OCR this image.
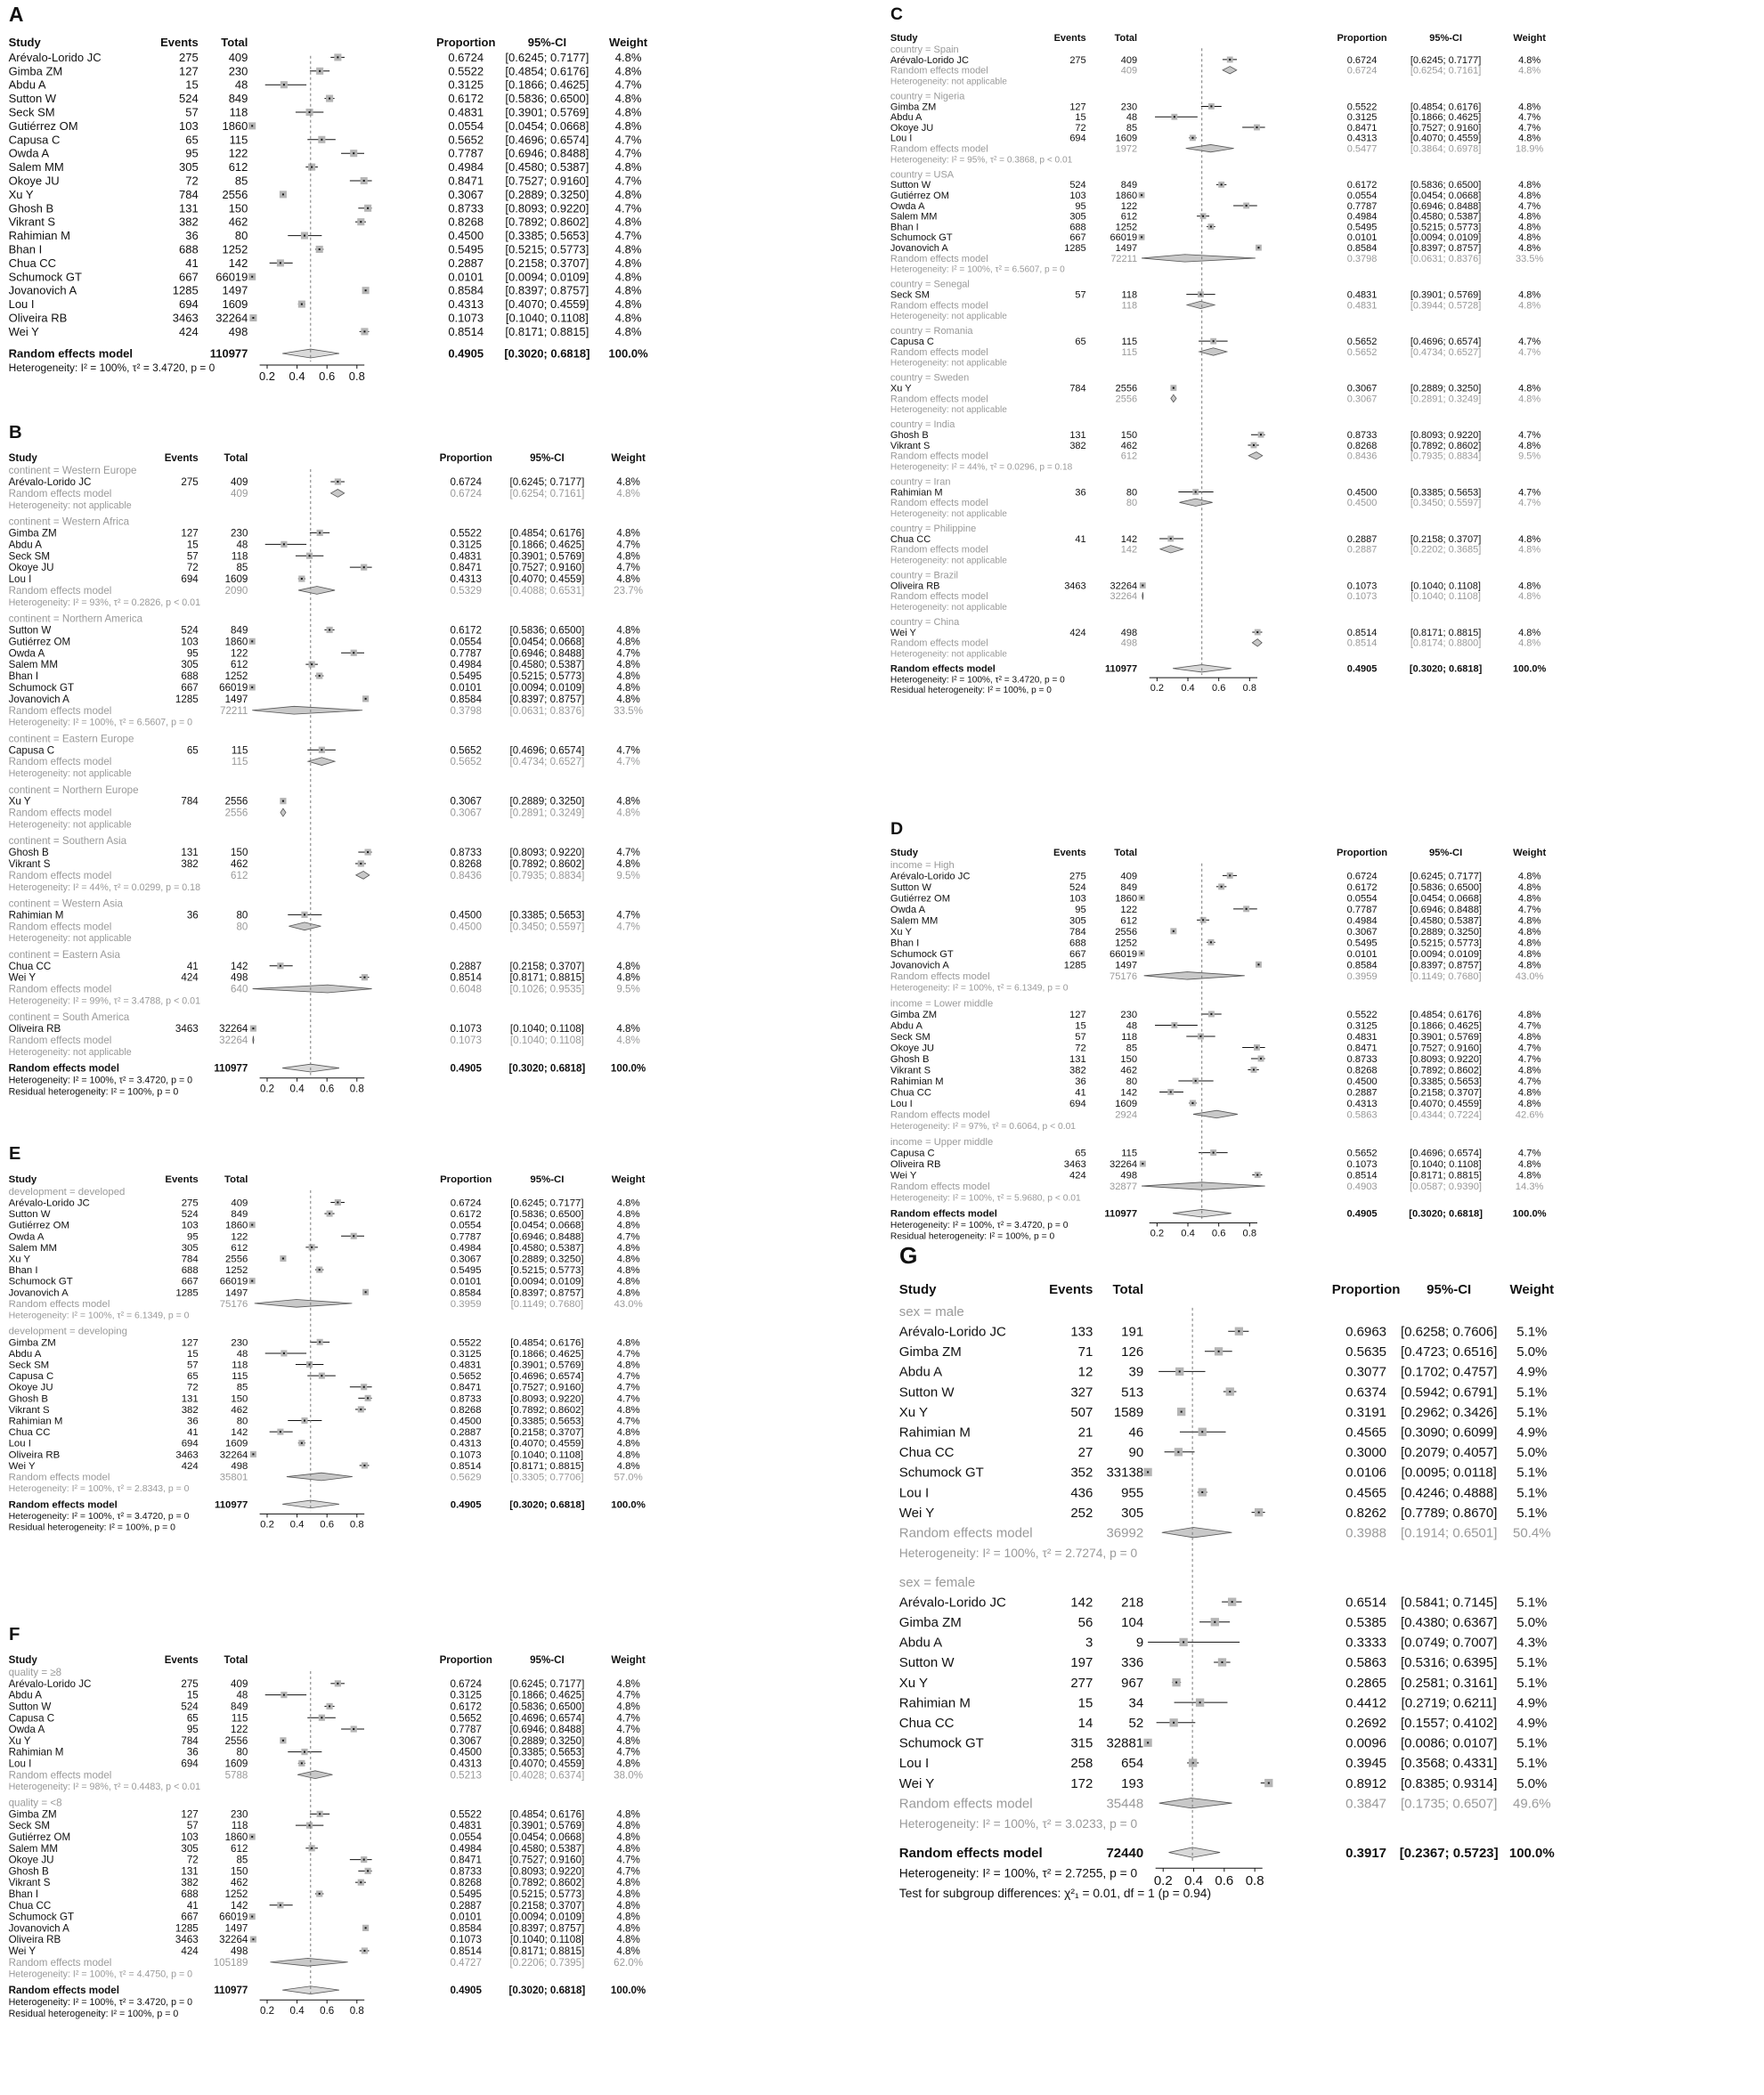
A
Study	Events Total	Proportion	95%-CI	Weight
Arévalo-Lorido JC	275	409	0.6724 [0.6245; 0.7177] 4.8%
Gimba ZM	127	230	0.5522 [0.4854; 0.6176] 4.8%
Abdu A	15	48	0.3125 [0.1866; 0.4625] 4.7%
Sutton W	524	849	0.6172 [0.5836; 0.6500] 4.8%
Seck SM	57	118	0.4831 [0.3901; 0.5769] 4.8%
Gutiérrez OM	103 1860	0.0554 [0.0454; 0.0668] 4.8%
Capusa C	65	115	0.5652 [0.4696; 0.6574] 4.7%
Owda A	95	122	0.7787 [0.6946; 0.8488] 4.7%
Salem MM	305	612	0.4984 [0.4580; 0.5387] 4.8%
Okoye JU	72	85	0.8471 [0.7527; 0.9160] 4.7%
Xu Y	784 2556	0.3067 [0.2889; 0.3250] 4.8%
Ghosh B	131	150	0.8733 [0.8093; 0.9220] 4.7%
Vikrant S	382	462	0.8268 [0.7892; 0.8602] 4.8%
Rahimian M	36	80	0.4500 [0.3385; 0.5653] 4.7%
Bhan I	688 1252	0.5495 [0.5215; 0.5773] 4.8%
Chua CC	41	142	0.2887 [0.2158; 0.3707] 4.8%
Schumock GT	667 66019	0.0101 [0.0094; 0.0109] 4.8%
Jovanovich A	1285 1497	0.8584 [0.8397; 0.8757] 4.8%
Lou I	694 1609	0.4313 [0.4070; 0.4559] 4.8%
Oliveira RB	3463 32264	0.1073 [0.1040; 0.1108] 4.8%
Wei Y	424	498	0.8514 [0.8171; 0.8815] 4.8%
Random effects model	110977	0.4905 [0.3020; 0.6818] 100.0%
Heterogeneity: I² = 100%, τ² = 3.4720, p = 0
0.2 0.4 0.6 0.8
B
Study	Events Total	Proportion	95%-CI	Weight
continent = Western Europe
Arévalo-Lorido JC	275	409	0.6724	[0.6245; 0.7177]	4.8%
Random effects model	409	0.6724	[0.6254; 0.7161]	4.8%
Heterogeneity: not applicable
continent = Western Africa
Gimba ZM	127	230	0.5522	[0.4854; 0.6176]	4.8%
Abdu A	15	48	0.3125	[0.1866; 0.4625]	4.7%
Seck SM	57	118	0.4831	[0.3901; 0.5769]	4.8%
Okoye JU	72	85	0.8471	[0.7527; 0.9160]	4.7%
Lou I	694	1609	0.4313	[0.4070; 0.4559]	4.8%
Random effects model	2090	0.5329	[0.4088; 0.6531]	23.7%
Heterogeneity: I² = 93%, τ² = 0.2826, p < 0.01
continent = Northern America
Sutton W	524	849	0.6172	[0.5836; 0.6500]	4.8%
Gutiérrez OM	103	1860	0.0554	[0.0454; 0.0668]	4.8%
Owda A	95	122	0.7787	[0.6946; 0.8488]	4.7%
Salem MM	305	612	0.4984	[0.4580; 0.5387]	4.8%
Bhan I	688	1252	0.5495	[0.5215; 0.5773]	4.8%
Schumock GT	667 66019	0.0101	[0.0094; 0.0109]	4.8%
Jovanovich A	1285	1497	0.8584	[0.8397; 0.8757]	4.8%
Random effects model	72211	0.3798	[0.0631; 0.8376]	33.5%
Heterogeneity: I² = 100%, τ² = 6.5607, p = 0
continent = Eastern Europe
Capusa C	65	115	0.5652	[0.4696; 0.6574]	4.7%
Random effects model	115	0.5652	[0.4734; 0.6527]	4.7%
Heterogeneity: not applicable
continent = Northern Europe
Xu Y	784	2556	0.3067	[0.2889; 0.3250]	4.8%
Random effects model	2556	0.3067	[0.2891; 0.3249]	4.8%
Heterogeneity: not applicable
continent = Southern Asia
Ghosh B	131	150	0.8733	[0.8093; 0.9220]	4.7%
Vikrant S	382	462	0.8268	[0.7892; 0.8602]	4.8%
Random effects model	612	0.8436	[0.7935; 0.8834]	9.5%
Heterogeneity: I² = 44%, τ² = 0.0299, p = 0.18
continent = Western Asia
Rahimian M	36	80	0.4500	[0.3385; 0.5653]	4.7%
Random effects model	80	0.4500	[0.3450; 0.5597]	4.7%
Heterogeneity: not applicable
continent = Eastern Asia
Chua CC	41	142	0.2887	[0.2158; 0.3707]	4.8%
Wei Y	424	498	0.8514	[0.8171; 0.8815]	4.8%
Random effects model	640	0.6048	[0.1026; 0.9535]	9.5%
Heterogeneity: I² = 99%, τ² = 3.4788, p < 0.01
continent = South America
Oliveira RB	3463 32264	0.1073	[0.1040; 0.1108]	4.8%
Random effects model	32264	0.1073	[0.1040; 0.1108]	4.8%
Heterogeneity: not applicable
Random effects model	110977	0.4905	[0.3020; 0.6818] 100.0%
Heterogeneity: I² = 100%, τ² = 3.4720, p = 0
Residual heterogeneity: I² = 100%, p = 0	0.2 0.4 0.6 0.8
C
Study	Events	Total	Proportion	95%-CI	Weight
country = Spain
Arévalo-Lorido JC	275	409	0.6724	[0.6245; 0.7177]	4.8%
Random effects model	409	0.6724	[0.6254; 0.7161]	4.8%
Heterogeneity: not applicable
country = Nigeria
Gimba ZM	127	230	0.5522	[0.4854; 0.6176]	4.8%
Abdu A	15	48	0.3125	[0.1866; 0.4625]	4.7%
Okoye JU	72	85	0.8471	[0.7527; 0.9160]	4.7%
Lou I	694	1609	0.4313	[0.4070; 0.4559]	4.8%
Random effects model	1972	0.5477	[0.3864; 0.6978]	18.9%
Heterogeneity: I² = 95%, τ² = 0.3868, p < 0.01
country = USA
Sutton W	524	849	0.6172	[0.5836; 0.6500]	4.8%
Gutiérrez OM	103	1860	0.0554	[0.0454; 0.0668]	4.8%
Owda A	95	122	0.7787	[0.6946; 0.8488]	4.7%
Salem MM	305	612	0.4984	[0.4580; 0.5387]	4.8%
Bhan I	688	1252	0.5495	[0.5215; 0.5773]	4.8%
Schumock GT	667 66019	0.0101	[0.0094; 0.0109]	4.8%
Jovanovich A	1285	1497	0.8584	[0.8397; 0.8757]	4.8%
Random effects model	72211	0.3798	[0.0631; 0.8376]	33.5%
Heterogeneity: I² = 100%, τ² = 6.5607, p = 0
country = Senegal
Seck SM	57	118	0.4831	[0.3901; 0.5769]	4.8%
Random effects model	118	0.4831	[0.3944; 0.5728]	4.8%
Heterogeneity: not applicable
country = Romania
Capusa C	65	115	0.5652	[0.4696; 0.6574]	4.7%
Random effects model	115	0.5652	[0.4734; 0.6527]	4.7%
Heterogeneity: not applicable
country = Sweden
Xu Y	784	2556	0.3067	[0.2889; 0.3250]	4.8%
Random effects model	2556	0.3067	[0.2891; 0.3249]	4.8%
Heterogeneity: not applicable
country = India
Ghosh B	131	150	0.8733	[0.8093; 0.9220]	4.7%
Vikrant S	382	462	0.8268	[0.7892; 0.8602]	4.8%
Random effects model	612	0.8436	[0.7935; 0.8834]	9.5%
Heterogeneity: I² = 44%, τ² = 0.0296, p = 0.18
country = Iran
Rahimian M	36	80	0.4500	[0.3385; 0.5653]	4.7%
Random effects model	80	0.4500	[0.3450; 0.5597]	4.7%
Heterogeneity: not applicable
country = Philippine
Chua CC	41	142	0.2887	[0.2158; 0.3707]	4.8%
Random effects model	142	0.2887	[0.2202; 0.3685]	4.8%
Heterogeneity: not applicable
country = Brazil
Oliveira RB	3463 32264	0.1073	[0.1040; 0.1108]	4.8%
Random effects model	32264	0.1073	[0.1040; 0.1108]	4.8%
Heterogeneity: not applicable
country = China
Wei Y	424	498	0.8514	[0.8171; 0.8815]	4.8%
Random effects model	498	0.8514	[0.8174; 0.8800]	4.8%
Heterogeneity: not applicable
Random effects model	110977	0.4905	[0.3020; 0.6818]	100.0%
Heterogeneity: I² = 100%, τ² = 3.4720, p = 0
Residual heterogeneity: I² = 100%, p = 0	0.2 0.4 0.6 0.8
D
Study	Events	Total	Proportion	95%-CI	Weight
income = High
Arévalo-Lorido JC	275	409	0.6724	[0.6245; 0.7177]	4.8%
Sutton W	524	849	0.6172	[0.5836; 0.6500]	4.8%
Gutiérrez OM	103	1860	0.0554	[0.0454; 0.0668]	4.8%
Owda A	95	122	0.7787	[0.6946; 0.8488]	4.7%
Salem MM	305	612	0.4984	[0.4580; 0.5387]	4.8%
Xu Y	784	2556	0.3067	[0.2889; 0.3250]	4.8%
Bhan I	688	1252	0.5495	[0.5215; 0.5773]	4.8%
Schumock GT	667 66019	0.0101	[0.0094; 0.0109]	4.8%
Jovanovich A	1285	1497	0.8584	[0.8397; 0.8757]	4.8%
Random effects model	75176	0.3959	[0.1149; 0.7680]	43.0%
Heterogeneity: I² = 100%, τ² = 6.1349, p = 0
income = Lower middle
Gimba ZM	127	230	0.5522	[0.4854; 0.6176]	4.8%
Abdu A	15	48	0.3125	[0.1866; 0.4625]	4.7%
Seck SM	57	118	0.4831	[0.3901; 0.5769]	4.8%
Okoye JU	72	85	0.8471	[0.7527; 0.9160]	4.7%
Ghosh B	131	150	0.8733	[0.8093; 0.9220]	4.7%
Vikrant S	382	462	0.8268	[0.7892; 0.8602]	4.8%
Rahimian M	36	80	0.4500	[0.3385; 0.5653]	4.7%
Chua CC	41	142	0.2887	[0.2158; 0.3707]	4.8%
Lou I	694	1609	0.4313	[0.4070; 0.4559]	4.8%
Random effects model	2924	0.5863	[0.4344; 0.7224]	42.6%
Heterogeneity: I² = 97%, τ² = 0.6064, p < 0.01
income = Upper middle
Capusa C	65	115	0.5652	[0.4696; 0.6574]	4.7%
Oliveira RB	3463 32264	0.1073	[0.1040; 0.1108]	4.8%
Wei Y	424	498	0.8514	[0.8171; 0.8815]	4.8%
Random effects model	32877	0.4903	[0.0587; 0.9390]	14.3%
Heterogeneity: I² = 100%, τ² = 5.9680, p < 0.01
Random effects model	110977	0.4905	[0.3020; 0.6818]	100.0%
Heterogeneity: I² = 100%, τ² = 3.4720, p = 0
Residual heterogeneity: I² = 100%, p = 0	0.2 0.4 0.6 0.8
E
Study	Events	Total	Proportion	95%-CI	Weight
development = developed
Arévalo-Lorido JC	275	409	0.6724	[0.6245; 0.7177]	4.8%
Sutton W	524	849	0.6172	[0.5836; 0.6500]	4.8%
Gutiérrez OM	103	1860	0.0554	[0.0454; 0.0668]	4.8%
Owda A	95	122	0.7787	[0.6946; 0.8488]	4.7%
Salem MM	305	612	0.4984	[0.4580; 0.5387]	4.8%
Xu Y	784	2556	0.3067	[0.2889; 0.3250]	4.8%
Bhan I	688	1252	0.5495	[0.5215; 0.5773]	4.8%
Schumock GT	667 66019	0.0101	[0.0094; 0.0109]	4.8%
Jovanovich A	1285	1497	0.8584	[0.8397; 0.8757]	4.8%
Random effects model	75176	0.3959	[0.1149; 0.7680]	43.0%
Heterogeneity: I² = 100%, τ² = 6.1349, p = 0
development = developing
Gimba ZM	127	230	0.5522	[0.4854; 0.6176]	4.8%
Abdu A	15	48	0.3125	[0.1866; 0.4625]	4.7%
Seck SM	57	118	0.4831	[0.3901; 0.5769]	4.8%
Capusa C	65	115	0.5652	[0.4696; 0.6574]	4.7%
Okoye JU	72	85	0.8471	[0.7527; 0.9160]	4.7%
Ghosh B	131	150	0.8733	[0.8093; 0.9220]	4.7%
Vikrant S	382	462	0.8268	[0.7892; 0.8602]	4.8%
Rahimian M	36	80	0.4500	[0.3385; 0.5653]	4.7%
Chua CC	41	142	0.2887	[0.2158; 0.3707]	4.8%
Lou I	694	1609	0.4313	[0.4070; 0.4559]	4.8%
Oliveira RB	3463 32264	0.1073	[0.1040; 0.1108]	4.8%
Wei Y	424	498	0.8514	[0.8171; 0.8815]	4.8%
Random effects model	35801	0.5629	[0.3305; 0.7706]	57.0%
Heterogeneity: I² = 100%, τ² = 2.8343, p = 0
Random effects model	110977	0.4905	[0.3020; 0.6818]	100.0%
Heterogeneity: I² = 100%, τ² = 3.4720, p = 0
Residual heterogeneity: I² = 100%, p = 0	0.2 0.4 0.6 0.8
F
Study	Events Total	Proportion	95%-CI	Weight
quality = ≥8
Arévalo-Lorido JC	275	409	0.6724	[0.6245; 0.7177]	4.8%
Abdu A	15	48	0.3125	[0.1866; 0.4625]	4.7%
Sutton W	524	849	0.6172	[0.5836; 0.6500]	4.8%
Capusa C	65	115	0.5652	[0.4696; 0.6574]	4.7%
Owda A	95	122	0.7787	[0.6946; 0.8488]	4.7%
Xu Y	784	2556	0.3067	[0.2889; 0.3250]	4.8%
Rahimian M	36	80	0.4500	[0.3385; 0.5653]	4.7%
Lou I	694	1609	0.4313	[0.4070; 0.4559]	4.8%
Random effects model	5788	0.5213	[0.4028; 0.6374]	38.0%
Heterogeneity: I² = 98%, τ² = 0.4483, p < 0.01
quality = <8
Gimba ZM	127	230	0.5522	[0.4854; 0.6176]	4.8%
Seck SM	57	118	0.4831	[0.3901; 0.5769]	4.8%
Gutiérrez OM	103	1860	0.0554	[0.0454; 0.0668]	4.8%
Salem MM	305	612	0.4984	[0.4580; 0.5387]	4.8%
Okoye JU	72	85	0.8471	[0.7527; 0.9160]	4.7%
Ghosh B	131	150	0.8733	[0.8093; 0.9220]	4.7%
Vikrant S	382	462	0.8268	[0.7892; 0.8602]	4.8%
Bhan I	688	1252	0.5495	[0.5215; 0.5773]	4.8%
Chua CC	41	142	0.2887	[0.2158; 0.3707]	4.8%
Schumock GT	667 66019	0.0101	[0.0094; 0.0109]	4.8%
Jovanovich A	1285	1497	0.8584	[0.8397; 0.8757]	4.8%
Oliveira RB	3463 32264	0.1073	[0.1040; 0.1108]	4.8%
Wei Y	424	498	0.8514	[0.8171; 0.8815]	4.8%
Random effects model	105189	0.4727	[0.2206; 0.7395]	62.0%
Heterogeneity: I² = 100%, τ² = 4.4750, p = 0
Random effects model	110977	0.4905	[0.3020; 0.6818] 100.0%
Heterogeneity: I² = 100%, τ² = 3.4720, p = 0
Residual heterogeneity: I² = 100%, p = 0	0.2 0.4 0.6 0.8
G
Study	Events Total	Proportion 95%-CI	Weight
sex = male
Arévalo-Lorido JC	133 191	0.6963 [0.6258; 0.7606] 5.1%
Gimba ZM	71 126	0.5635 [0.4723; 0.6516] 5.0%
Abdu A	12	39	0.3077 [0.1702; 0.4757] 4.9%
Sutton W	327 513	0.6374 [0.5942; 0.6791] 5.1%
Xu Y	507 1589	0.3191 [0.2962; 0.3426] 5.1%
Rahimian M	21	46	0.4565 [0.3090; 0.6099] 4.9%
Chua CC	27	90	0.3000 [0.2079; 0.4057] 5.0%
Schumock GT	352 33138	0.0106 [0.0095; 0.0118] 5.1%
Lou I	436 955	0.4565 [0.4246; 0.4888] 5.1%
Wei Y	252 305	0.8262 [0.7789; 0.8670] 5.1%
Random effects model	36992	0.3988 [0.1914; 0.6501] 50.4%
Heterogeneity: I² = 100%, τ² = 2.7274, p = 0
sex = female
Arévalo-Lorido JC	142 218	0.6514 [0.5841; 0.7145] 5.1%
Gimba ZM	56 104	0.5385 [0.4380; 0.6367] 5.0%
Abdu A	3	9	0.3333 [0.0749; 0.7007] 4.3%
Sutton W	197 336	0.5863 [0.5316; 0.6395] 5.1%
Xu Y	277 967	0.2865 [0.2581; 0.3161] 5.1%
Rahimian M	15	34	0.4412 [0.2719; 0.6211] 4.9%
Chua CC	14	52	0.2692 [0.1557; 0.4102] 4.9%
Schumock GT	315 32881	0.0096 [0.0086; 0.0107] 5.1%
Lou I	258 654	0.3945 [0.3568; 0.4331] 5.1%
Wei Y	172 193	0.8912 [0.8385; 0.9314] 5.0%
Random effects model	35448	0.3847 [0.1735; 0.6507] 49.6%
Heterogeneity: I² = 100%, τ² = 3.0233, p = 0
Random effects model	72440	0.3917 [0.2367; 0.5723] 100.0%
Heterogeneity: I² = 100%, τ² = 2.7255, p = 0
Test for subgroup differences: χ²₁ = 0.01, df = 1 (p = 0.94)
0.2 0.4 0.6 0.8
